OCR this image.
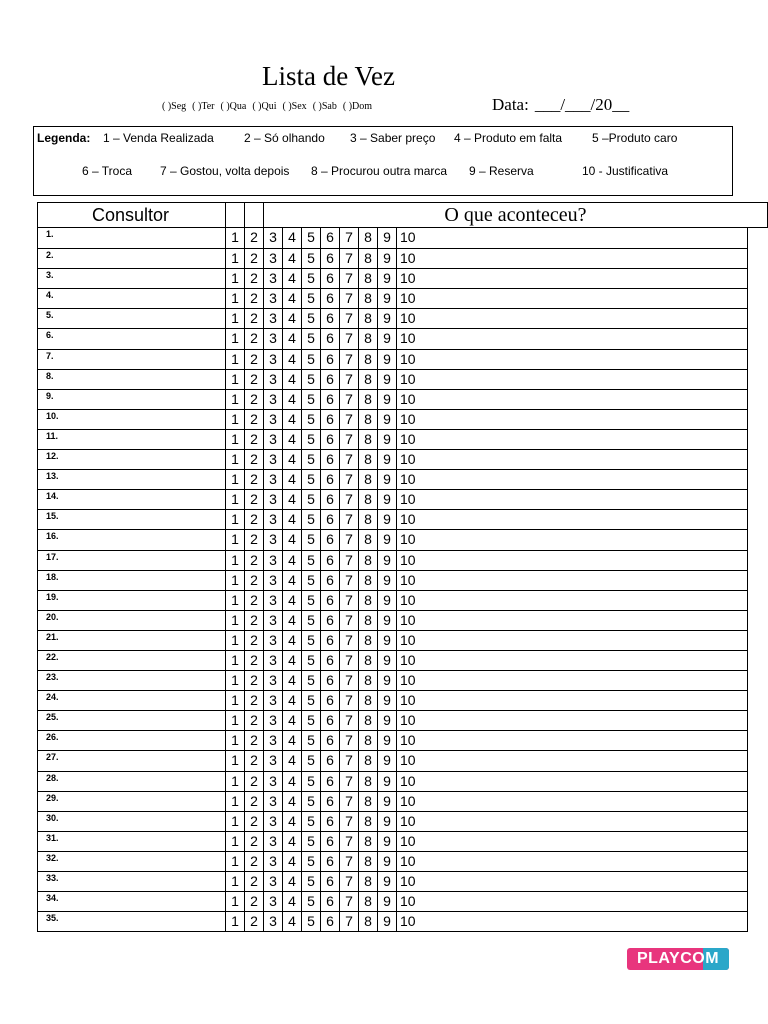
Lista de Vez
( )Seg ( )Ter ( )Qua ( )Qui ( )Sex ( )Sab ( )Dom	Data: ___/___/20__
Legenda: 1 – Venda Realizada	2 – Só olhando 3 – Saber preço 4 – Produto em falta 5 –Produto caro
6 – Troca 7 – Gostou, volta depois 8 – Procurou outra marca 9 – Reserva	10 - Justificativa
Consultor	O que aconteceu?
1.	1 2 3 4 5 6 7 8 9 10
2.	1 2 3 4 5 6 7 8 9 10
3.	1 2 3 4 5 6 7 8 9 10
4.	1 2 3 4 5 6 7 8 9 10
5.	1 2 3 4 5 6 7 8 9 10
6.	1 2 3 4 5 6 7 8 9 10
7.	1 2 3 4 5 6 7 8 9 10
8.	1 2 3 4 5 6 7 8 9 10
9.	1 2 3 4 5 6 7 8 9 10
10.	1 2 3 4 5 6 7 8 9 10
11.	1 2 3 4 5 6 7 8 9 10
12.	1 2 3 4 5 6 7 8 9 10
13.	1 2 3 4 5 6 7 8 9 10
14.	1 2 3 4 5 6 7 8 9 10
15.	1 2 3 4 5 6 7 8 9 10
16.	1 2 3 4 5 6 7 8 9 10
17.	1 2 3 4 5 6 7 8 9 10
18.	1 2 3 4 5 6 7 8 9 10
19.	1 2 3 4 5 6 7 8 9 10
20.	1 2 3 4 5 6 7 8 9 10
21.	1 2 3 4 5 6 7 8 9 10
22.	1 2 3 4 5 6 7 8 9 10
23.	1 2 3 4 5 6 7 8 9 10
24.	1 2 3 4 5 6 7 8 9 10
25.	1 2 3 4 5 6 7 8 9 10
26.	1 2 3 4 5 6 7 8 9 10
27.	1 2 3 4 5 6 7 8 9 10
28.	1 2 3 4 5 6 7 8 9 10
29.	1 2 3 4 5 6 7 8 9 10
30.	1 2 3 4 5 6 7 8 9 10
31.	1 2 3 4 5 6 7 8 9 10
32.	1 2 3 4 5 6 7 8 9 10
33.	1 2 3 4 5 6 7 8 9 10
34.	1 2 3 4 5 6 7 8 9 10
35.	1 2 3 4 5 6 7 8 9 10
PLAYCOM
